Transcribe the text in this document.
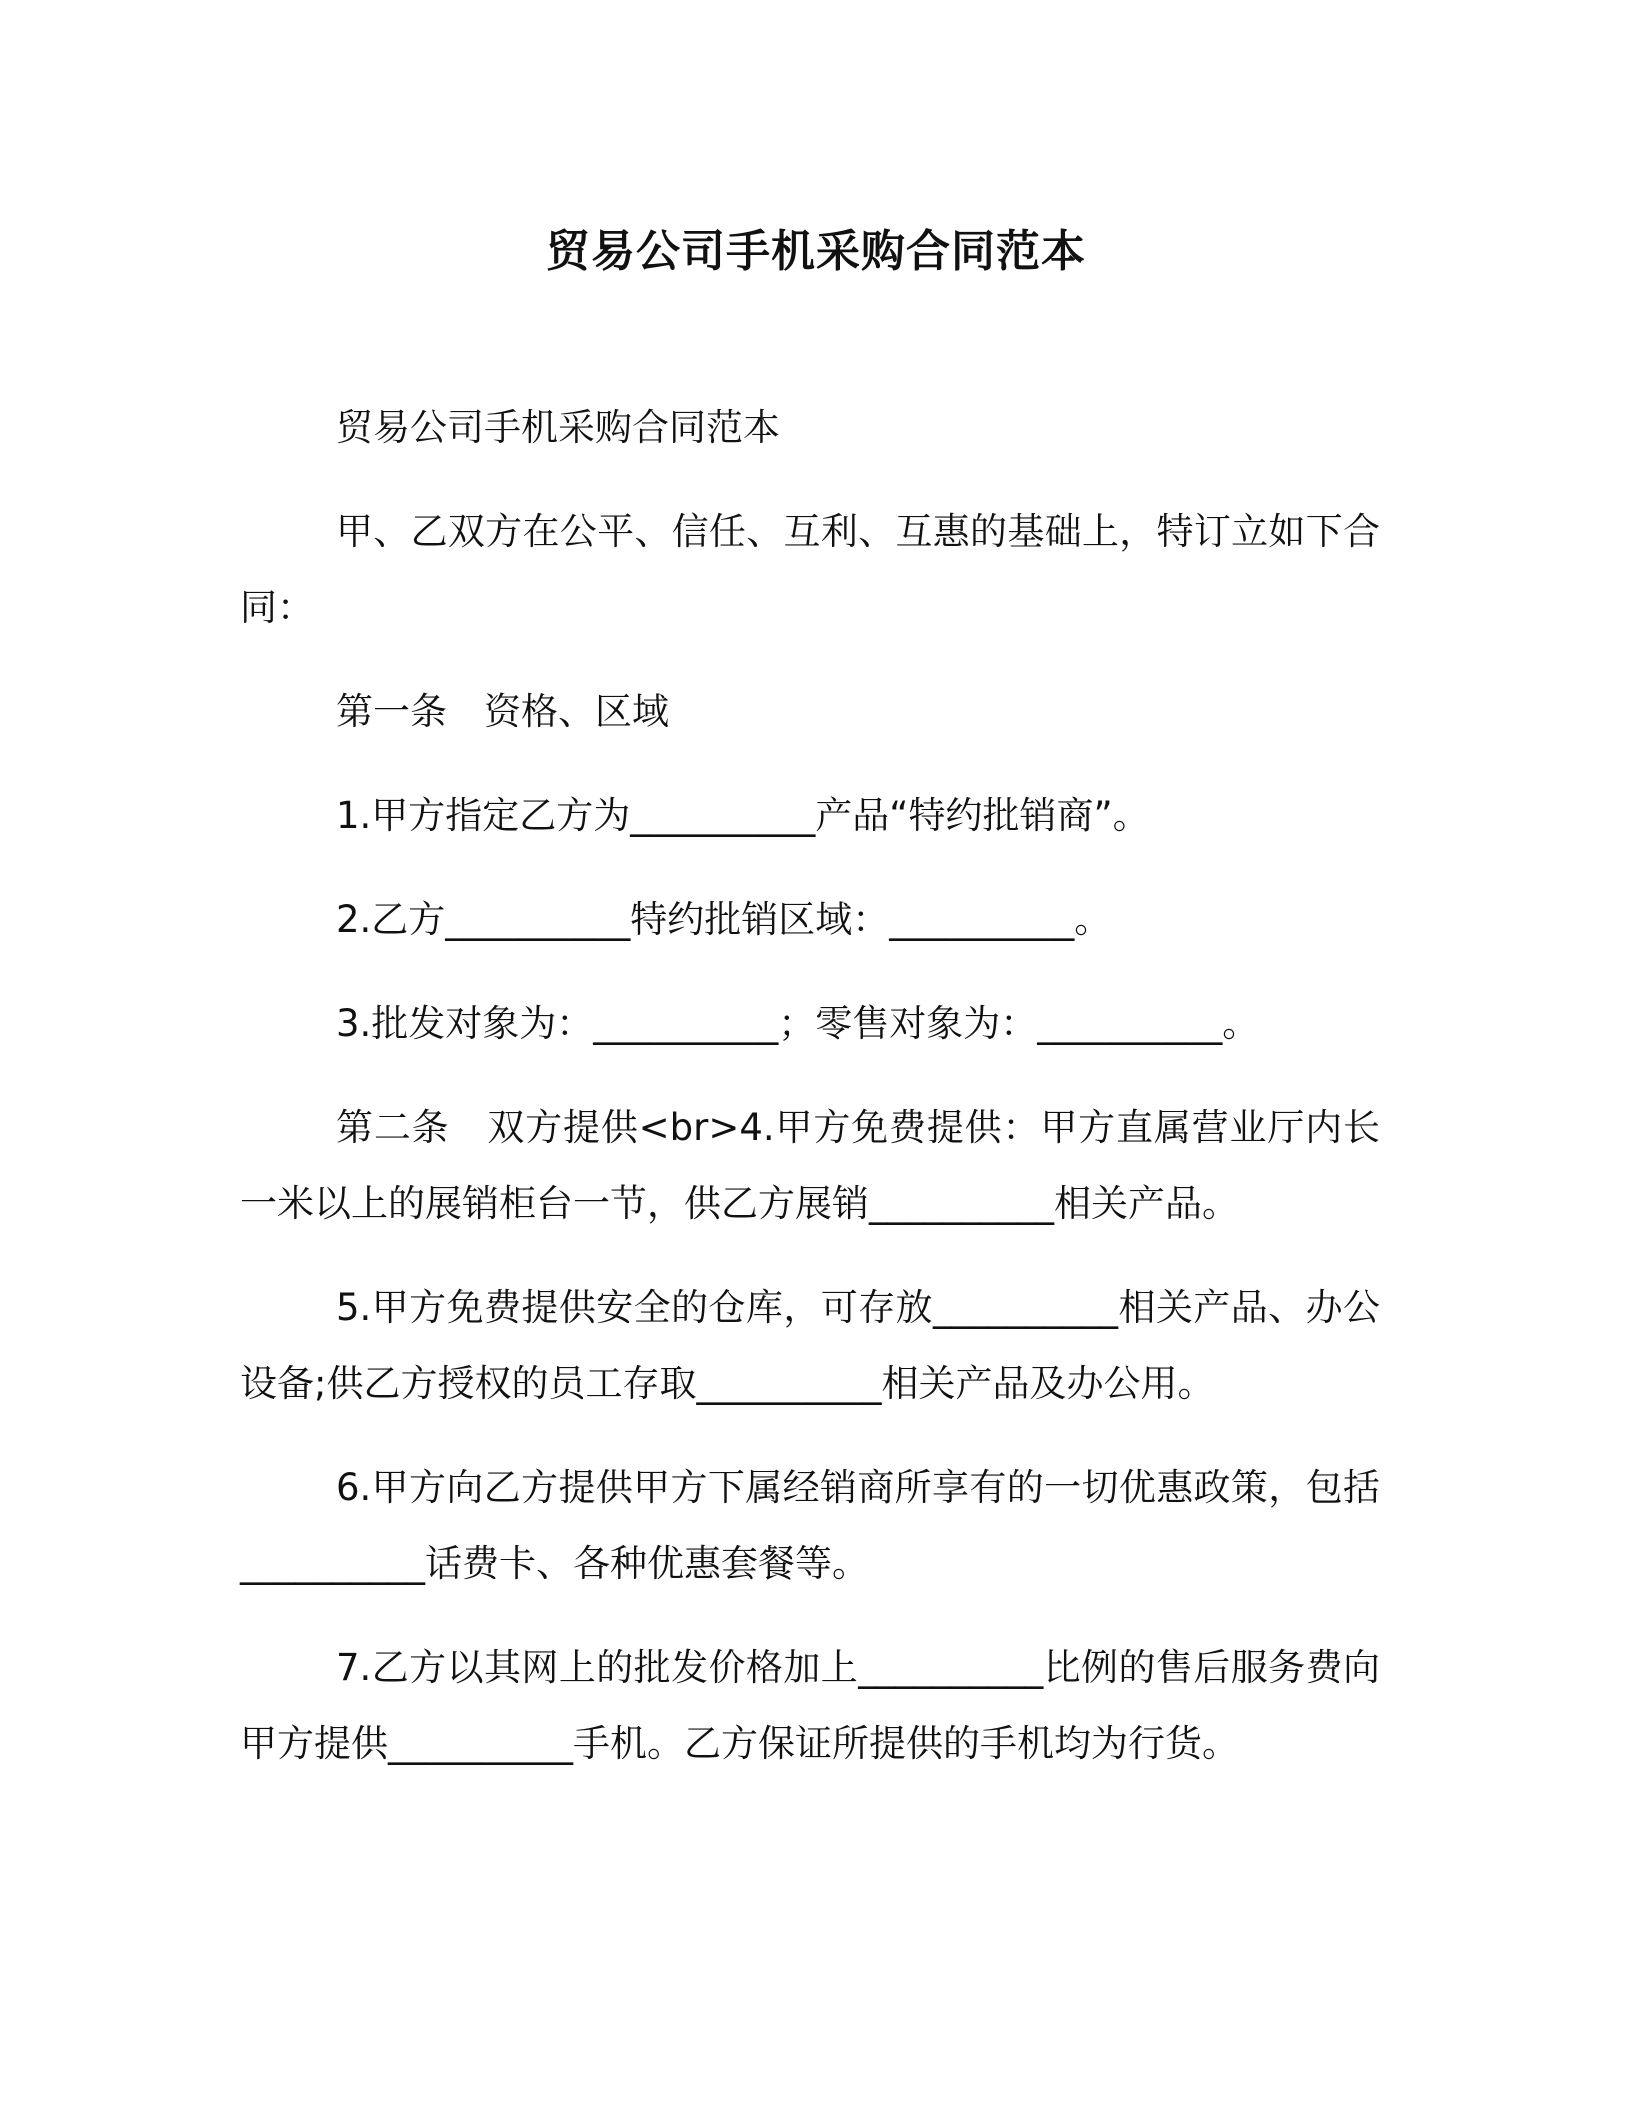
贸易公司手机采购合同范本

贸易公司手机采购合同范本

甲、乙双方在公平、信任、互利、互惠的基础上，特订立如下合同：

第一条　资格、区域

1.甲方指定乙方为__________产品“特约批销商”。

2.乙方__________特约批销区域：__________。

3.批发对象为：__________；零售对象为：__________。

第二条　双方提供<br>4.甲方免费提供：甲方直属营业厅内长一米以上的展销柜台一节，供乙方展销__________相关产品。

5.甲方免费提供安全的仓库，可存放__________相关产品、办公设备;供乙方授权的员工存取__________相关产品及办公用。

6.甲方向乙方提供甲方下属经销商所享有的一切优惠政策，包括__________话费卡、各种优惠套餐等。

7.乙方以其网上的批发价格加上__________比例的售后服务费向甲方提供__________手机。乙方保证所提供的手机均为行货。
